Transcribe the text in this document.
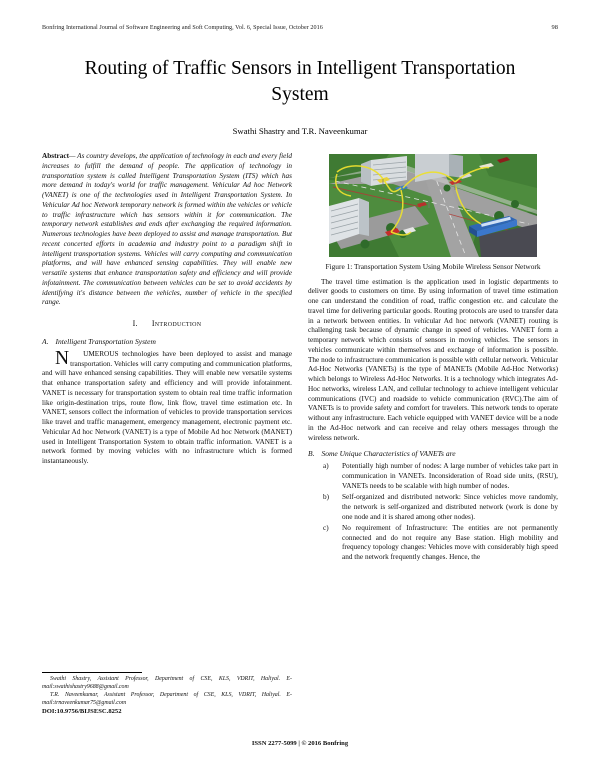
Bonfring International Journal of Software Engineering and Soft Computing, Vol. 6, Special Issue, October 2016	98
Routing of Traffic Sensors in Intelligent Transportation System
Swathi Shastry and T.R. Naveenkumar

Abstract— As country develops, the application of technology in each and every field increases to fulfill the demand of people. The application of technology in transportation system is called Intelligent Transportation System (ITS) which has more demand in today's world for traffic management. Vehicular Ad hoc Network (VANET) is one of the technologies used in Intelligent Transportation System. In Vehicular Ad hoc Network temporary network is formed within the vehicles or vehicle to traffic infrastructure which has sensors within it for communication. The temporary network establishes and ends after exchanging the required information. Numerous technologies have been deployed to assist and manage transportation. But recent concerted efforts in academia and industry point to a paradigm shift in intelligent transportation systems. Vehicles will carry computing and communication platforms, and will have enhanced sensing capabilities. They will enable new versatile systems that enhance transportation safety and efficiency and will provide infotainment. The communication between vehicles can be set to avoid accidents by identifying it's distance between the vehicles, number of vehicle in the specified range.

I. Introduction
A. Intelligent Transportation System

N UMEROUS technologies have been deployed to assist and manage transportation. Vehicles will carry computing and communication platforms, and will have enhanced sensing capabilities. They will enable new versatile systems that enhance transportation safety and efficiency and will provide infotainment. VANET is necessary for transportation system to obtain real time traffic information like origin-destination trips, route flow, link flow, travel time estimation etc. In VANET, sensors collect the information of vehicles to provide transportation services like travel and traffic management, emergency management, electronic payment etc. Vehicular Ad hoc Network (VANET) is a type of Mobile Ad hoc Network (MANET) used in Intelligent Transportation System to obtain traffic information. VANET is a network formed by moving vehicles with no infrastructure which is formed instantaneously.

Figure 1: Transportation System Using Mobile Wireless Sensor Network

The travel time estimation is the application used in logistic departments to deliver goods to customers on time. By using information of travel time estimation one can understand the condition of road, traffic congestion etc. and calculate the travel time for delivering particular goods. Routing protocols are used to transfer data in a network between entities. In vehicular Ad hoc network (VANET) routing is challenging task because of dynamic change in speed of vehicles. VANET form a temporary network which consists of sensors in moving vehicles. The sensors in vehicles communicate within themselves and exchange of information is possible. The node to infrastructure communication is possible with cellular network. Vehicular Ad-Hoc Networks (VANETs) is the type of MANETs (Mobile Ad-Hoc Networks) which belongs to Wireless Ad-Hoc Networks. It is a technology which integrates Ad-Hoc networks, wireless LAN, and cellular technology to achieve intelligent vehicular communications (IVC) and roadside to vehicle communication (RVC).The aim of VANETs is to provide safety and comfort for travelers. This network tends to operate without any infrastructure. Each vehicle equipped with VANET device will be a node in the Ad-Hoc network and can receive and relay others messages through the wireless network.

B. Some Unique Characteristics of VANETs are
a)	Potentially high number of nodes: A large number of vehicles take part in communication in VANETs. Inconsideration of Road side units, (RSU), VANETs needs to be scalable with high number of nodes.
b)	Self-organized and distributed network: Since vehicles move randomly, the network is self-organized and distributed network (work is done by one node and it is shared among other nodes).
c)	No requirement of Infrastructure: The entities are not permanently connected and do not require any Base station. High mobility and frequency topology changes: Vehicles move with considerably high speed and the network frequently changes. Hence, the

Swathi Shastry, Assistant Professor, Department of CSE, KLS, VDRIT, Haliyal. E-mail:swathishastry9688@gmail.com

T.R. Naveenkumar, Assistant Professor, Department of CSE, KLS, VDRIT, Haliyal. E-mail:trnaveenkumar75@gmail.com

DOI:10.9756/BIJSESC.8252

ISSN 2277-5099 | © 2016 Bonfring
